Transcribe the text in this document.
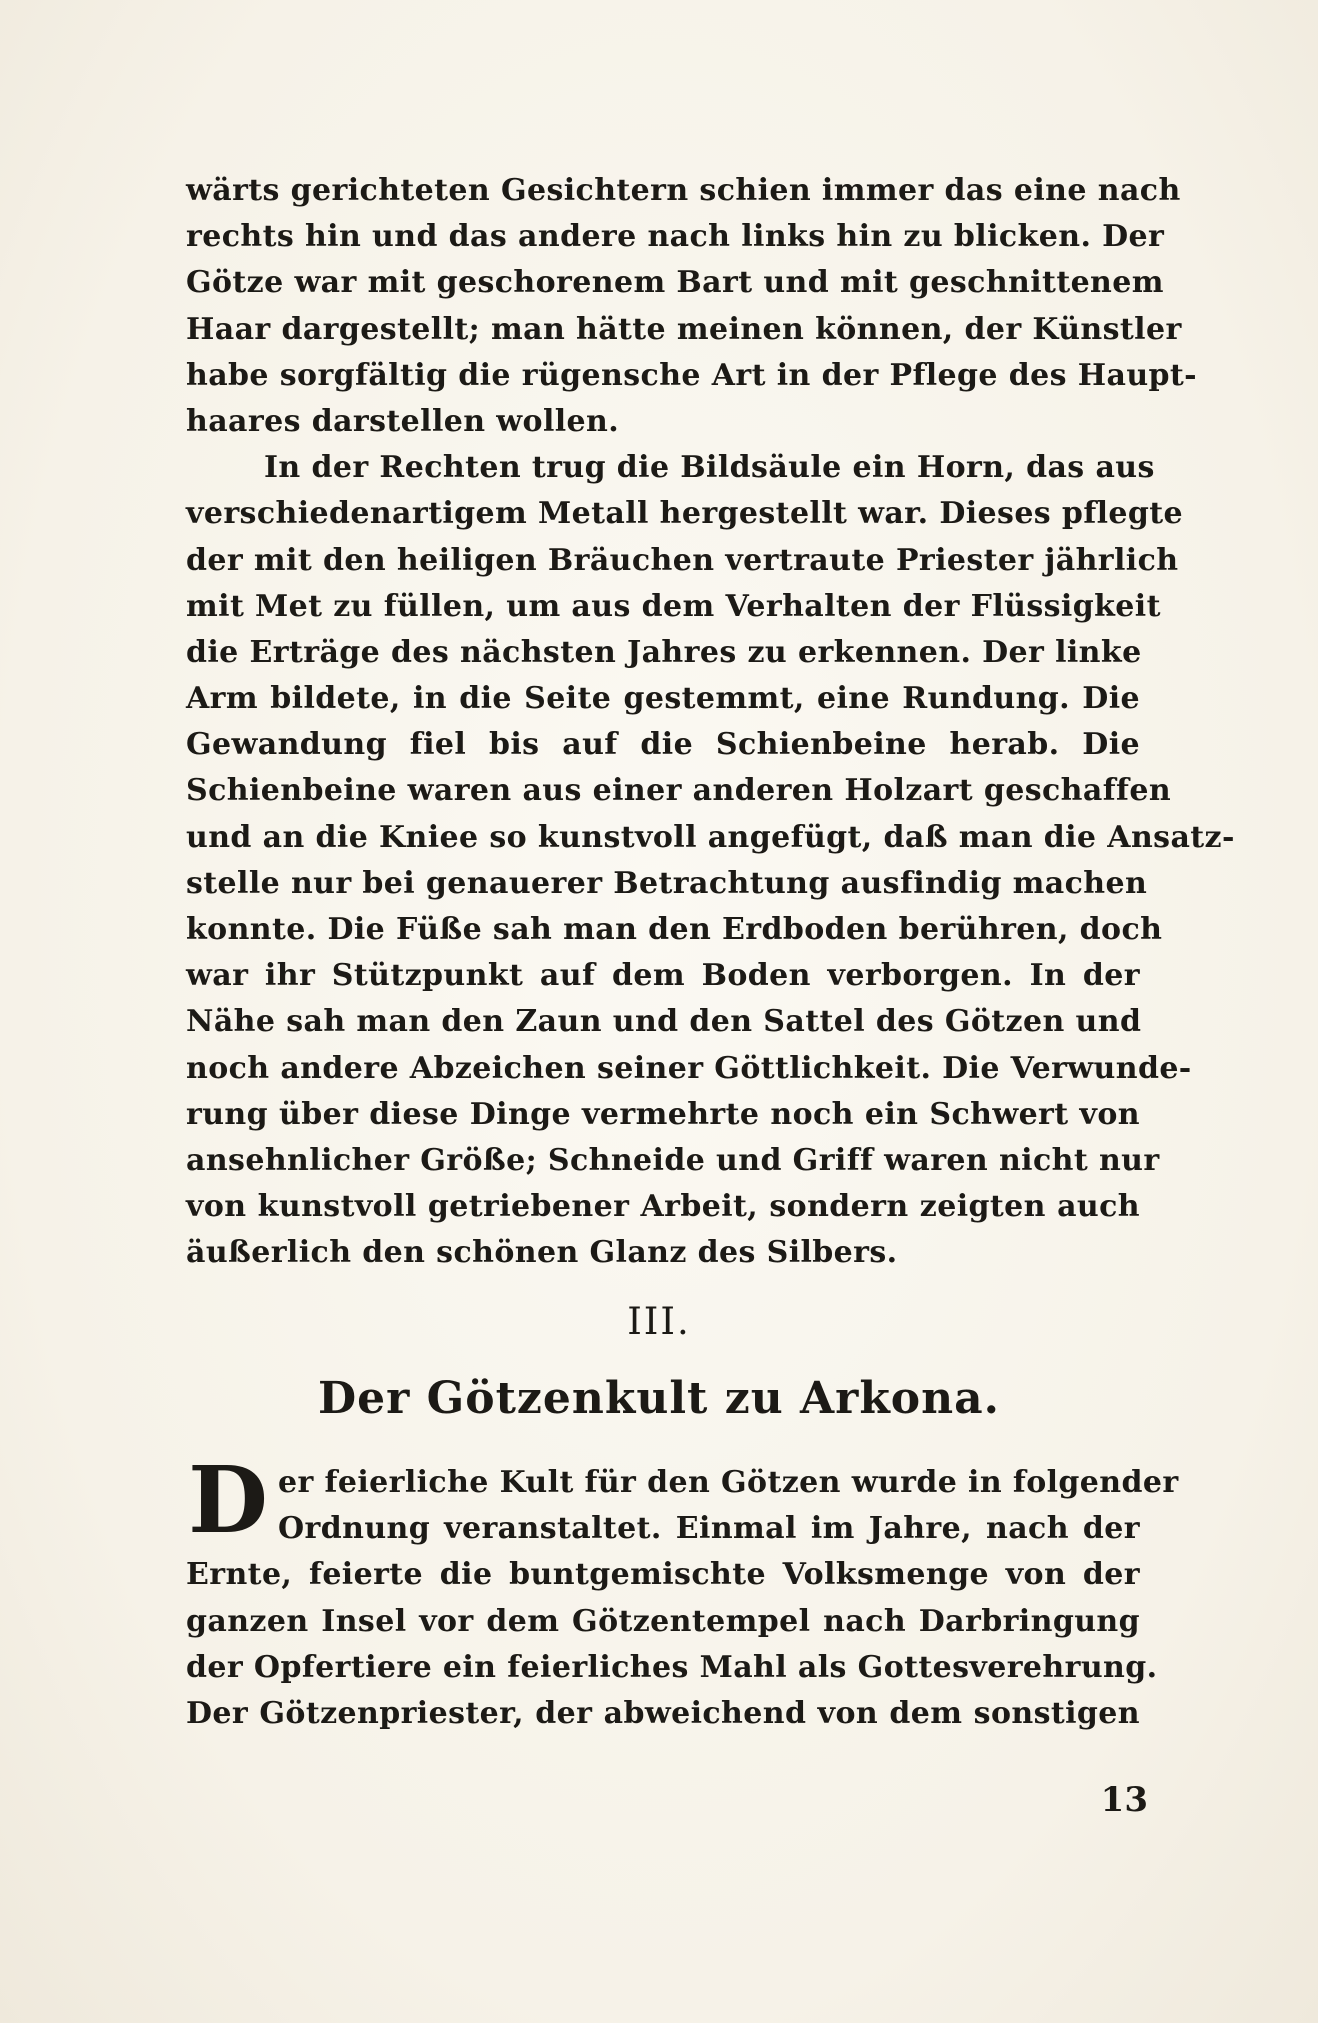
wärts gerichteten Gesichtern schien immer das eine nach
rechts hin und das andere nach links hin zu blicken. Der
Götze war mit geschorenem Bart und mit geschnittenem
Haar dargestellt; man hätte meinen können, der Künstler
habe sorgfältig die rügensche Art in der Pflege des Haupt-
haares darstellen wollen.
In der Rechten trug die Bildsäule ein Horn, das aus
verschiedenartigem Metall hergestellt war. Dieses pflegte
der mit den heiligen Bräuchen vertraute Priester jährlich
mit Met zu füllen, um aus dem Verhalten der Flüssigkeit
die Erträge des nächsten Jahres zu erkennen. Der linke
Arm bildete, in die Seite gestemmt, eine Rundung. Die
Gewandung fiel bis auf die Schienbeine herab. Die
Schienbeine waren aus einer anderen Holzart geschaffen
und an die Kniee so kunstvoll angefügt, daß man die Ansatz-
stelle nur bei genauerer Betrachtung ausfindig machen
konnte. Die Füße sah man den Erdboden berühren, doch
war ihr Stützpunkt auf dem Boden verborgen. In der
Nähe sah man den Zaun und den Sattel des Götzen und
noch andere Abzeichen seiner Göttlichkeit. Die Verwunde-
rung über diese Dinge vermehrte noch ein Schwert von
ansehnlicher Größe; Schneide und Griff waren nicht nur
von kunstvoll getriebener Arbeit, sondern zeigten auch
äußerlich den schönen Glanz des Silbers.
III.
Der Götzenkult zu Arkona.
D er feierliche Kult für den Götzen wurde in folgender
Ordnung veranstaltet. Einmal im Jahre, nach der
Ernte, feierte die buntgemischte Volksmenge von der
ganzen Insel vor dem Götzentempel nach Darbringung
der Opfertiere ein feierliches Mahl als Gottesverehrung.
Der Götzenpriester, der abweichend von dem sonstigen
13
